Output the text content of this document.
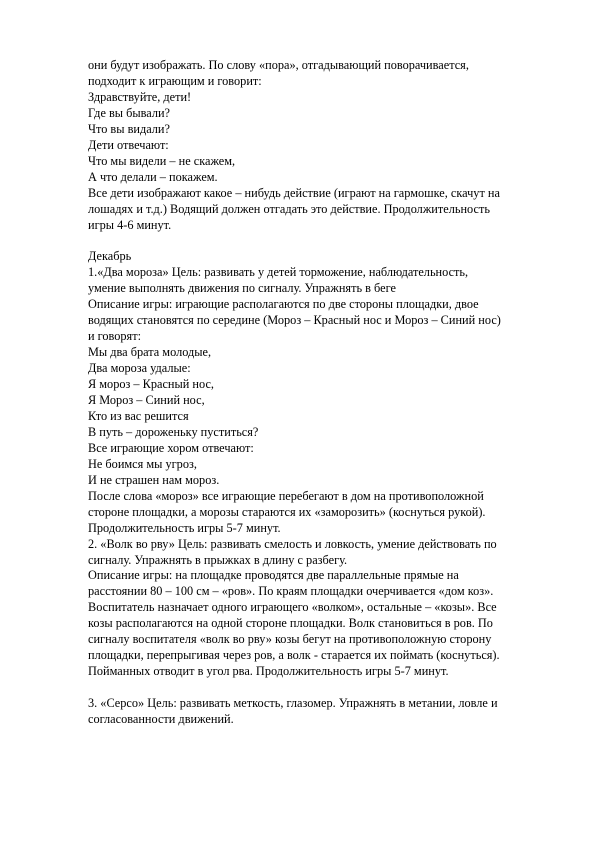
они будут изображать. По слову «пора», отгадывающий поворачивается,
подходит к играющим и говорит:
Здравствуйте, дети!
Где вы бывали?
Что вы видали?
Дети отвечают:
Что мы видели – не скажем,
А что делали – покажем.
Все дети изображают какое – нибудь действие (играют на гармошке, скачут на
лошадях и т.д.) Водящий должен отгадать это действие. Продолжительность
игры 4-6 минут.
Декабрь
1.«Два мороза» Цель: развивать у детей торможение, наблюдательность,
умение выполнять движения по сигналу. Упражнять в беге
Описание игры: играющие располагаются по две стороны площадки, двое
водящих становятся по середине (Мороз – Красный нос и Мороз – Синий нос)
и говорят:
Мы два брата молодые,
Два мороза удалые:
Я мороз – Красный нос,
Я Мороз – Синий нос,
Кто из вас решится
В путь – дороженьку пуститься?
Все играющие хором отвечают:
Не боимся мы угроз,
И не страшен нам мороз.
После слова «мороз» все играющие перебегают в дом на противоположной
стороне площадки, а морозы стараются их «заморозить» (коснуться рукой).
Продолжительность игры 5-7 минут.
2. «Волк во рву» Цель: развивать смелость и ловкость, умение действовать по
сигналу. Упражнять в прыжках в длину с разбегу.
Описание игры: на площадке проводятся две параллельные прямые на
расстоянии 80 – 100 см – «ров». По краям площадки очерчивается «дом коз».
Воспитатель назначает одного играющего «волком», остальные – «козы». Все
козы располагаются на одной стороне площадки. Волк становиться в ров. По
сигналу воспитателя «волк во рву» козы бегут на противоположную сторону
площадки, перепрыгивая через ров, а волк - старается их поймать (коснуться).
Пойманных отводит в угол рва. Продолжительность игры 5-7 минут.
3. «Серсо» Цель: развивать меткость, глазомер. Упражнять в метании, ловле и
согласованности движений.
